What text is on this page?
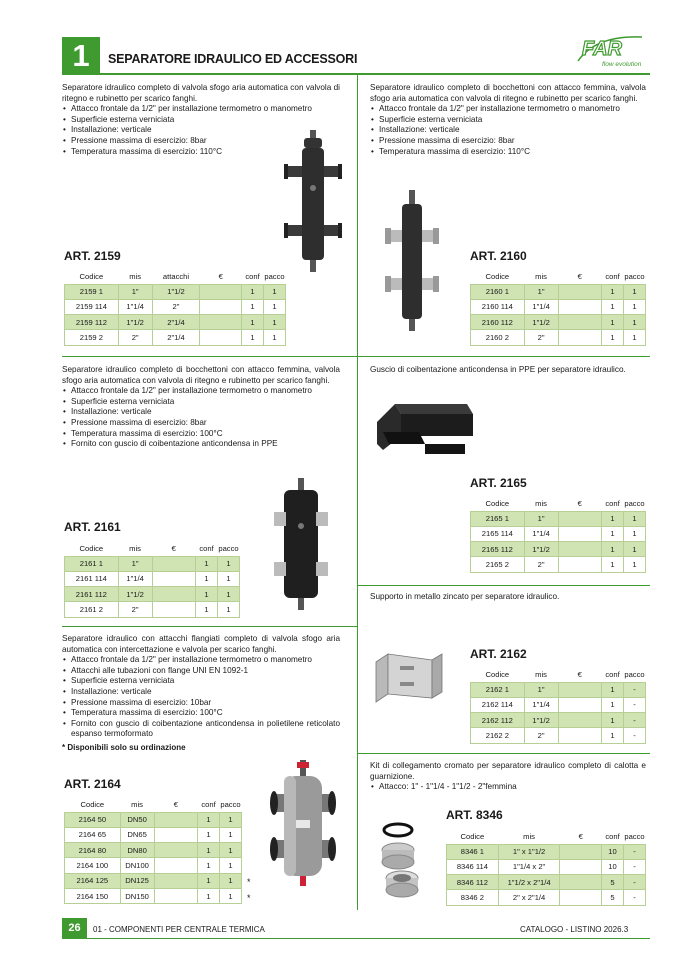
1	SEPARATORE IDRAULICO ED ACCESSORI	FAR
flow evolution

Separatore idraulico completo di valvola sfogo aria automatica con valvola di ritegno e rubinetto per scarico fanghi.

• Attacco frontale da 1/2" per installazione termometro o manometro
• Superficie esterna verniciata
• Installazione: verticale
• Pressione massima di esercizio: 8bar
• Temperatura massima di esercizio: 110°C
ART. 2159
Codice	mis	attacchi	€	conf	pacco
2159 1	1"	1"1/2		1	1
2159 114	1"1/4	2"		1	1
2159 112	1"1/2	2"1/4		1	1
2159 2	2"	2"1/4		1	1

Separatore idraulico completo di bocchettoni con attacco femmina, valvola sfogo aria automatica con valvola di ritegno e rubinetto per scarico fanghi.

• Attacco frontale da 1/2" per installazione termometro o manometro
• Superficie esterna verniciata
• Installazione: verticale
• Pressione massima di esercizio: 8bar
• Temperatura massima di esercizio: 110°C
ART. 2160
Codice	mis	€	conf	pacco
2160 1	1"		1	1
2160 114	1"1/4		1	1
2160 112	1"1/2		1	1
2160 2	2"		1	1

Separatore idraulico completo di bocchettoni con attacco femmina, valvola sfogo aria automatica con valvola di ritegno e rubinetto per scarico fanghi.

• Attacco frontale da 1/2" per installazione termometro o manometro
• Superficie esterna verniciata
• Installazione: verticale
• Pressione massima di esercizio: 8bar
• Temperatura massima di esercizio: 100°C
• Fornito con guscio di coibentazione anticondensa in PPE
ART. 2161
Codice	mis	€	conf	pacco
2161 1	1"		1	1
2161 114	1"1/4		1	1
2161 112	1"1/2		1	1
2161 2	2"		1	1

Guscio di coibentazione anticondensa in PPE per separatore idraulico.

ART. 2165
Codice	mis	€	conf	pacco
2165 1	1"		1	1
2165 114	1"1/4		1	1
2165 112	1"1/2		1	1
2165 2	2"		1	1

Supporto in metallo zincato per separatore idraulico.

ART. 2162
Codice	mis	€	conf	pacco
2162 1	1"		1	-
2162 114	1"1/4		1	-
2162 112	1"1/2		1	-
2162 2	2"		1	-

Separatore idraulico con attacchi flangiati completo di valvola sfogo aria automatica con intercettazione e valvola per scarico fanghi.

• Attacco frontale da 1/2" per installazione termometro o manometro
• Attacchi alle tubazioni con flange UNI EN 1092-1
• Superficie esterna verniciata
• Installazione: verticale
• Pressione massima di esercizio: 10bar
• Temperatura massima di esercizio: 100°C
• Fornito con guscio di coibentazione anticondensa in polietilene reticolato espanso termoformato

* Disponibili solo su ordinazione

ART. 2164
Codice	mis	€	conf	pacco
2164 50	DN50		1	1
2164 65	DN65		1	1
2164 80	DN80		1	1
2164 100	DN100		1	1
2164 125	DN125		1	1
2164 150	DN150		1	1
*
*

Kit di collegamento cromato per separatore idraulico completo di calotta e guarnizione.

• Attacco: 1" - 1"1/4 - 1"1/2 - 2"femmina
ART. 8346
Codice	mis	€	conf	pacco
8346 1	1" x 1"1/2		10	-
8346 114	1"1/4 x 2"		10	-
8346 112	1"1/2 x 2"1/4		5	-
8346 2	2" x 2"1/4		5	-
26	01 - COMPONENTI PER CENTRALE TERMICA	CATALOGO - LISTINO 2026.3
